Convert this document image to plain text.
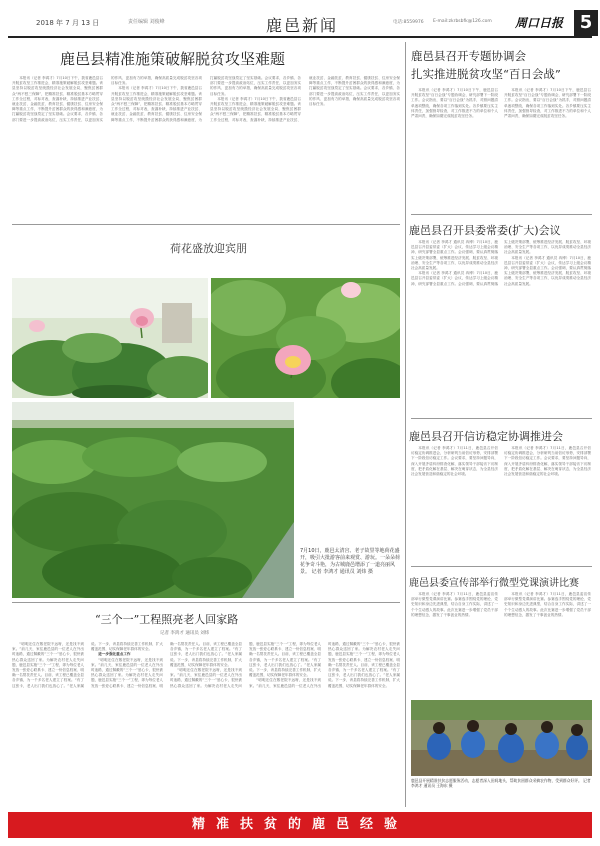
2018 年 7 月 13 日	责任编辑 刘俊峰	鹿邑新闻	电话:8559976 E-mail:zkrbsbfk@126.com 周口日报 5
鹿邑县精准施策破解脱贫攻坚难题

本报讯（记者 李鸿才）7月10日下午，我省鹿邑县召开脱贫攻坚工作推进会，精准施策破解脱贫攻坚难题。该县坚持以脱贫攻坚统揽经济社会发展全局，聚焦贫困群众“两不愁三保障”，把精准扶贫、精准脱贫基本方略贯穿工作全过程，对标对表，查漏补缺，持续推进产业扶贫、就业扶贫、金融扶贫、教育扶贫、健康扶贫、住房安全保障等重点工作，不断提升贫困群众的获得感和满意度，为打赢脱贫攻坚战奠定了坚实基础。会议要求，各乡镇、各部门要进一步提高政治站位，压实工作责任，以更加务实的作风、更加有力的举措，确保高质量完成脱贫攻坚各项目标任务。

本报讯（记者 李鸿才）7月10日下午，我省鹿邑县召开脱贫攻坚工作推进会，精准施策破解脱贫攻坚难题。该县坚持以脱贫攻坚统揽经济社会发展全局，聚焦贫困群众“两不愁三保障”，把精准扶贫、精准脱贫基本方略贯穿工作全过程，对标对表，查漏补缺，持续推进产业扶贫、就业扶贫、金融扶贫、教育扶贫、健康扶贫、住房安全保障等重点工作，不断提升贫困群众的获得感和满意度，为打赢脱贫攻坚战奠定了坚实基础。会议要求，各乡镇、各部门要进一步提高政治站位，压实工作责任，以更加务实的作风、更加有力的举措，确保高质量完成脱贫攻坚各项目标任务。

本报讯（记者 李鸿才）7月10日下午，我省鹿邑县召开脱贫攻坚工作推进会，精准施策破解脱贫攻坚难题。该县坚持以脱贫攻坚统揽经济社会发展全局，聚焦贫困群众“两不愁三保障”，把精准扶贫、精准脱贫基本方略贯穿工作全过程，对标对表，查漏补缺，持续推进产业扶贫、就业扶贫、金融扶贫、教育扶贫、健康扶贫、住房安全保障等重点工作，不断提升贫困群众的获得感和满意度，为打赢脱贫攻坚战奠定了坚实基础。会议要求，各乡镇、各部门要进一步提高政治站位，压实工作责任，以更加务实的作风、更加有力的举措，确保高质量完成脱贫攻坚各项目标任务。

荷花盛放迎宾朋
7月10日，鹿邑太清宫、老子故里等地荷花盛开，吸引大批游客前来观赏、游玩。一朵朵荷花争奇斗艳，为古城鹿邑增添了一道亮丽风景。 记者 李鸿才 通讯员 刘炜 摄
“三个一”工程照亮老人回家路
记者 李鸿才 通讯员 刘炜

“明明还住在敬老院不远呀，还是找不到家。”前几天，家住鹿邑县的一位老人在外出时迷路，通过佩戴的“三个一”爱心卡，很快被热心群众送回了家。为解决农村老人走失问题，鹿邑县实施“三个一”工程，即为每位老人发放一张爱心联系卡、建立一份信息档案、明确一名帮扶责任人。目前，该工程已覆盖全县各乡镇，为一千多名老人建立了档案。“有了这张卡，老人出门我们也放心了。”老人家属说。下一步，该县将持续完善工作机制，扩大覆盖范围，切实保障老年群体的安全。

进一步强化重点工作

“明明还住在敬老院不远呀，还是找不到家。”前几天，家住鹿邑县的一位老人在外出时迷路，通过佩戴的“三个一”爱心卡，很快被热心群众送回了家。为解决农村老人走失问题，鹿邑县实施“三个一”工程，即为每位老人发放一张爱心联系卡、建立一份信息档案、明确一名帮扶责任人。目前，该工程已覆盖全县各乡镇，为一千多名老人建立了档案。“有了这张卡，老人出门我们也放心了。”老人家属说。下一步，该县将持续完善工作机制，扩大覆盖范围，切实保障老年群体的安全。

“明明还住在敬老院不远呀，还是找不到家。”前几天，家住鹿邑县的一位老人在外出时迷路，通过佩戴的“三个一”爱心卡，很快被热心群众送回了家。为解决农村老人走失问题，鹿邑县实施“三个一”工程，即为每位老人发放一张爱心联系卡、建立一份信息档案、明确一名帮扶责任人。目前，该工程已覆盖全县各乡镇，为一千多名老人建立了档案。“有了这张卡，老人出门我们也放心了。”老人家属说。下一步，该县将持续完善工作机制，扩大覆盖范围，切实保障老年群体的安全。

“明明还住在敬老院不远呀，还是找不到家。”前几天，家住鹿邑县的一位老人在外出时迷路，通过佩戴的“三个一”爱心卡，很快被热心群众送回了家。为解决农村老人走失问题，鹿邑县实施“三个一”工程，即为每位老人发放一张爱心联系卡、建立一份信息档案、明确一名帮扶责任人。目前，该工程已覆盖全县各乡镇，为一千多名老人建立了档案。“有了这张卡，老人出门我们也放心了。”老人家属说。下一步，该县将持续完善工作机制，扩大覆盖范围，切实保障老年群体的安全。

鹿邑县召开专题协调会
扎实推进脱贫攻坚“百日会战”

本报讯（记者 李鸿才）7月10日下午，鹿邑县召开脱贫攻坚“百日会战”专题协调会，研究部署下一阶段工作。会议指出，要以“百日会战”为抓手，对照问题清单逐项整改，确保各项工作落到实处。各乡镇要压实主体责任，加强督导检查，对工作推进不力的单位和个人严肃问责，确保如期完成脱贫攻坚任务。

本报讯（记者 李鸿才）7月10日下午，鹿邑县召开脱贫攻坚“百日会战”专题协调会，研究部署下一阶段工作。会议指出，要以“百日会战”为抓手，对照问题清单逐项整改，确保各项工作落到实处。各乡镇要压实主体责任，加强督导检查，对工作推进不力的单位和个人严肃问责，确保如期完成脱贫攻坚任务。

鹿邑县召开县委常委(扩大)会议

本报讯（记者 李鸿才 通讯员 冉博）7月10日，鹿邑县召开县委常委（扩大）会议，传达学习上级会议精神，研究部署全县重点工作。会议强调，要认真贯彻落实上级决策部署，统筹推进经济发展、脱贫攻坚、环境治理、安全生产等各项工作，以优异成绩推动全县经济社会高质量发展。

本报讯（记者 李鸿才 通讯员 冉博）7月10日，鹿邑县召开县委常委（扩大）会议，传达学习上级会议精神，研究部署全县重点工作。会议强调，要认真贯彻落实上级决策部署，统筹推进经济发展、脱贫攻坚、环境治理、安全生产等各项工作，以优异成绩推动全县经济社会高质量发展。

本报讯（记者 李鸿才 通讯员 冉博）7月10日，鹿邑县召开县委常委（扩大）会议，传达学习上级会议精神，研究部署全县重点工作。会议强调，要认真贯彻落实上级决策部署，统筹推进经济发展、脱贫攻坚、环境治理、安全生产等各项工作，以优异成绩推动全县经济社会高质量发展。

鹿邑县召开信访稳定协调推进会

本报讯（记者 李鸿才）7月11日，鹿邑县召开信访稳定协调推进会，分析研判当前信访形势，安排部署下一阶段信访稳定工作。会议要求，要坚持问题导向，深入开展矛盾纠纷排查化解，落实领导干部接访下访制度，把矛盾化解在基层、解决在萌芽状态，为全县经济社会发展营造和谐稳定的社会环境。

本报讯（记者 李鸿才）7月11日，鹿邑县召开信访稳定协调推进会，分析研判当前信访形势，安排部署下一阶段信访稳定工作。会议要求，要坚持问题导向，深入开展矛盾纠纷排查化解，落实领导干部接访下访制度，把矛盾化解在基层、解决在萌芽状态，为全县经济社会发展营造和谐稳定的社会环境。

鹿邑县委宣传部举行微型党课演讲比赛

本报讯（记者 李鸿才）7月11日，鹿邑县委宣传部举行微型党课演讲比赛。参赛选手围绕党的理论、党史知识和身边先进典型，结合自身工作实际，讲述了一个个生动感人的故事。此次比赛进一步增强了党员干部的理想信念，激发了干事创业的热情。

本报讯（记者 李鸿才）7月11日，鹿邑县委宣传部举行微型党课演讲比赛。参赛选手围绕党的理论、党史知识和身边先进典型，结合自身工作实际，讲述了一个个生动感人的故事。此次比赛进一步增强了党员干部的理想信念，激发了干事创业的热情。

鹿邑县开展精准扶贫志愿服务活动，志愿者深入田间地头，帮助贫困群众采摘农作物，受到群众好评。 记者 李鸿才 通讯员 王海东 摄
精准扶贫的鹿邑经验
